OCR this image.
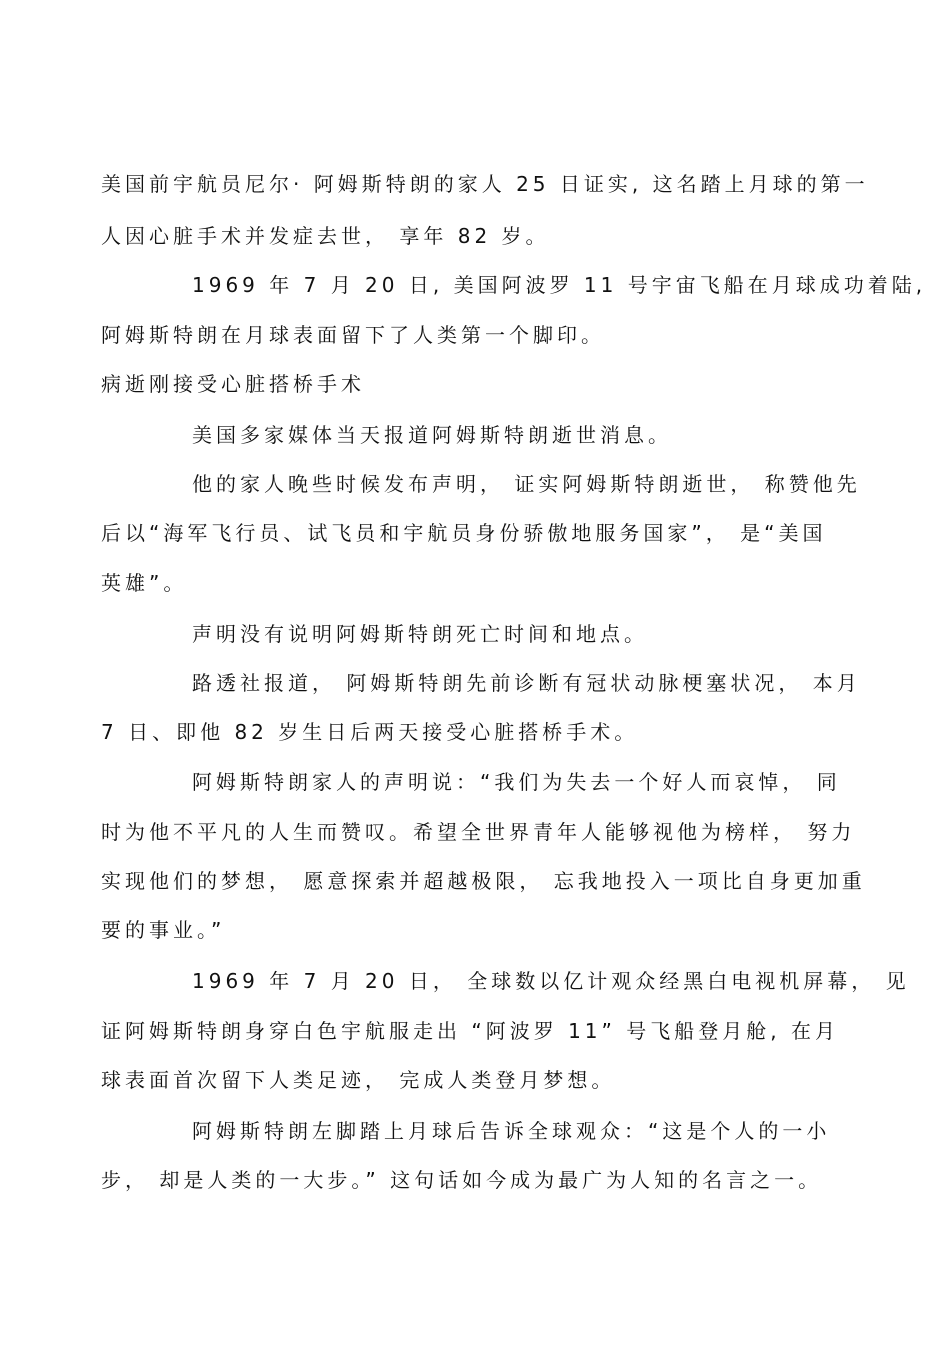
美国前宇航员尼尔· 阿姆斯特朗的家人 25 日证实, 这名踏上月球的第一
人因心脏手术并发症去世， 享年 82 岁。
1969 年 7 月 20 日, 美国阿波罗 11 号宇宙飞船在月球成功着陆,
阿姆斯特朗在月球表面留下了人类第一个脚印。
病逝刚接受心脏搭桥手术
美国多家媒体当天报道阿姆斯特朗逝世消息。
他的家人晚些时候发布声明， 证实阿姆斯特朗逝世， 称赞他先
后以“海军飞行员、试飞员和宇航员身份骄傲地服务国家”， 是“美国
英雄”。
声明没有说明阿姆斯特朗死亡时间和地点。
路透社报道， 阿姆斯特朗先前诊断有冠状动脉梗塞状况， 本月
7 日、即他 82 岁生日后两天接受心脏搭桥手术。
阿姆斯特朗家人的声明说：“我们为失去一个好人而哀悼， 同
时为他不平凡的人生而赞叹。希望全世界青年人能够视他为榜样， 努力
实现他们的梦想， 愿意探索并超越极限， 忘我地投入一项比自身更加重
要的事业。”
1969 年 7 月 20 日， 全球数以亿计观众经黑白电视机屏幕， 见
证阿姆斯特朗身穿白色宇航服走出 “阿波罗 11” 号飞船登月舱, 在月
球表面首次留下人类足迹， 完成人类登月梦想。
阿姆斯特朗左脚踏上月球后告诉全球观众：“这是个人的一小
步， 却是人类的一大步。” 这句话如今成为最广为人知的名言之一。
